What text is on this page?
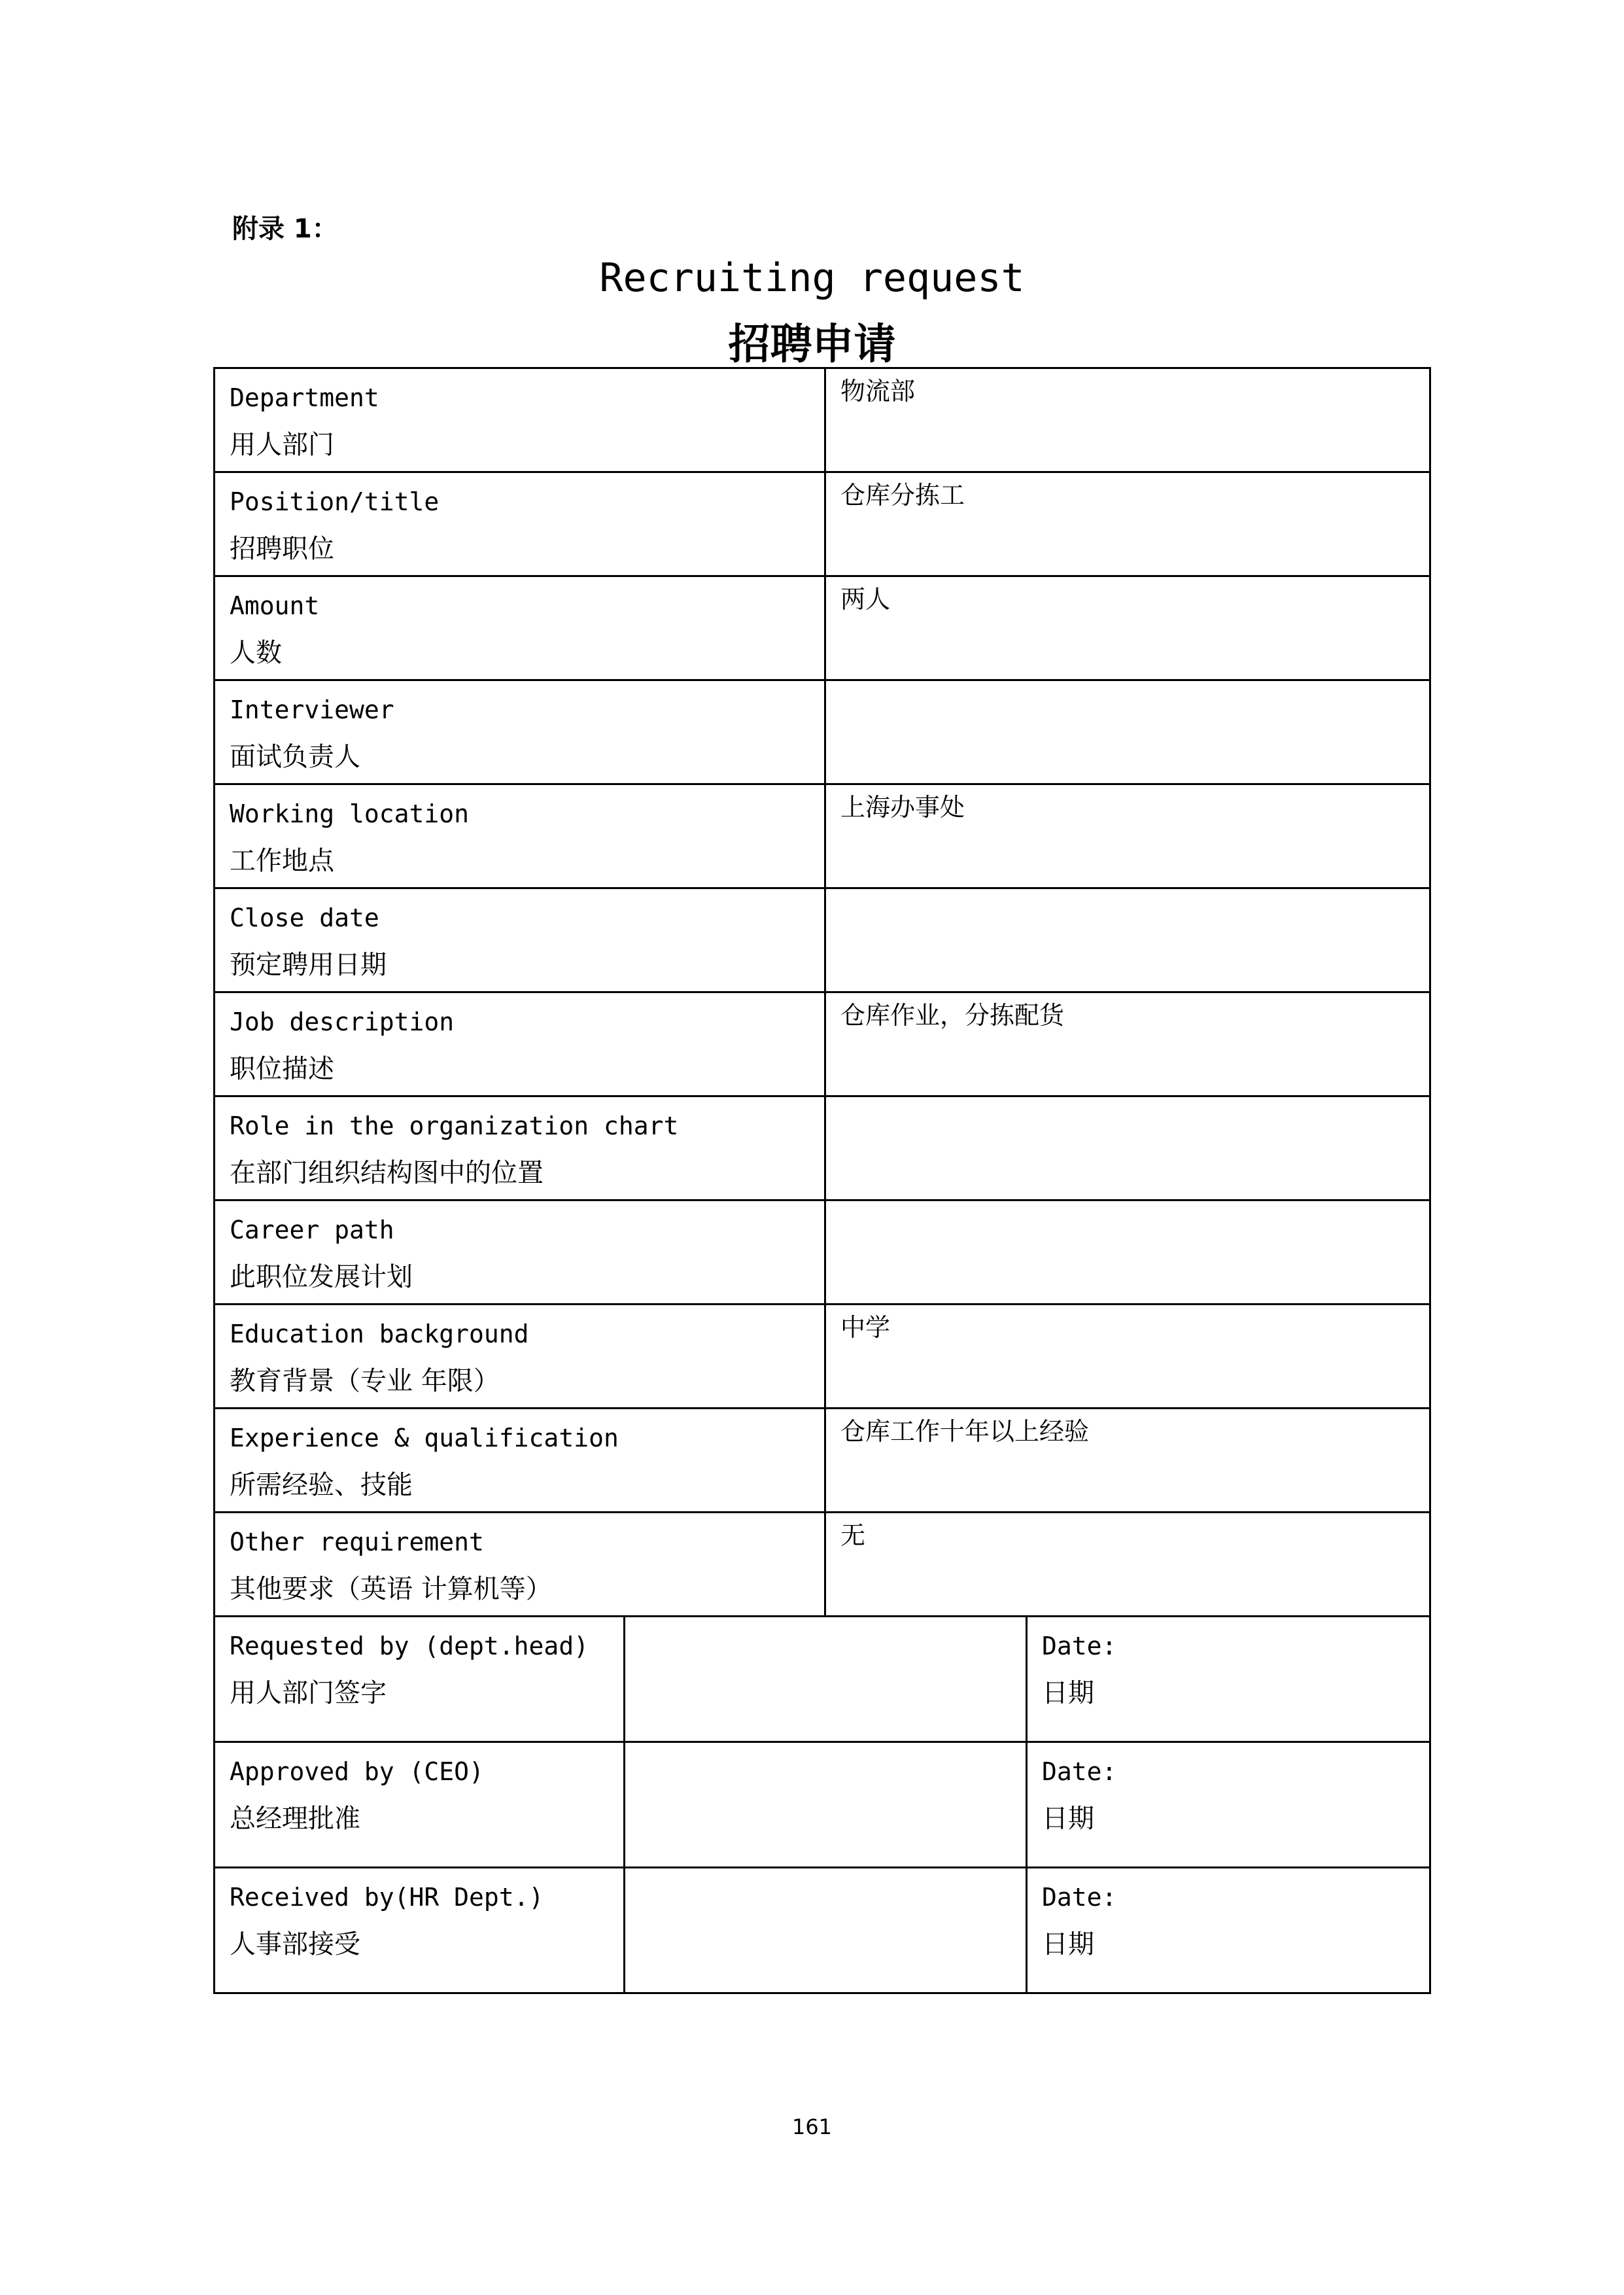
附录 1：
Recruiting request
招聘申请
Department
用人部门
物流部
Position/title
招聘职位
仓库分拣工
Amount
人数
两人
Interviewer
面试负责人
Working location
工作地点
上海办事处
Close date
预定聘用日期
Job description
职位描述
仓库作业，分拣配货
Role in the organization chart
在部门组织结构图中的位置
Career path
此职位发展计划
Education background
教育背景（专业 年限）
中学
Experience & qualification
所需经验、技能
仓库工作十年以上经验
Other requirement
其他要求（英语 计算机等）
无
Requested by (dept.head)
用人部门签字
Date:
日期
Approved by (CEO)
总经理批准
Date:
日期
Received by(HR Dept.)
人事部接受
Date:
日期
161
